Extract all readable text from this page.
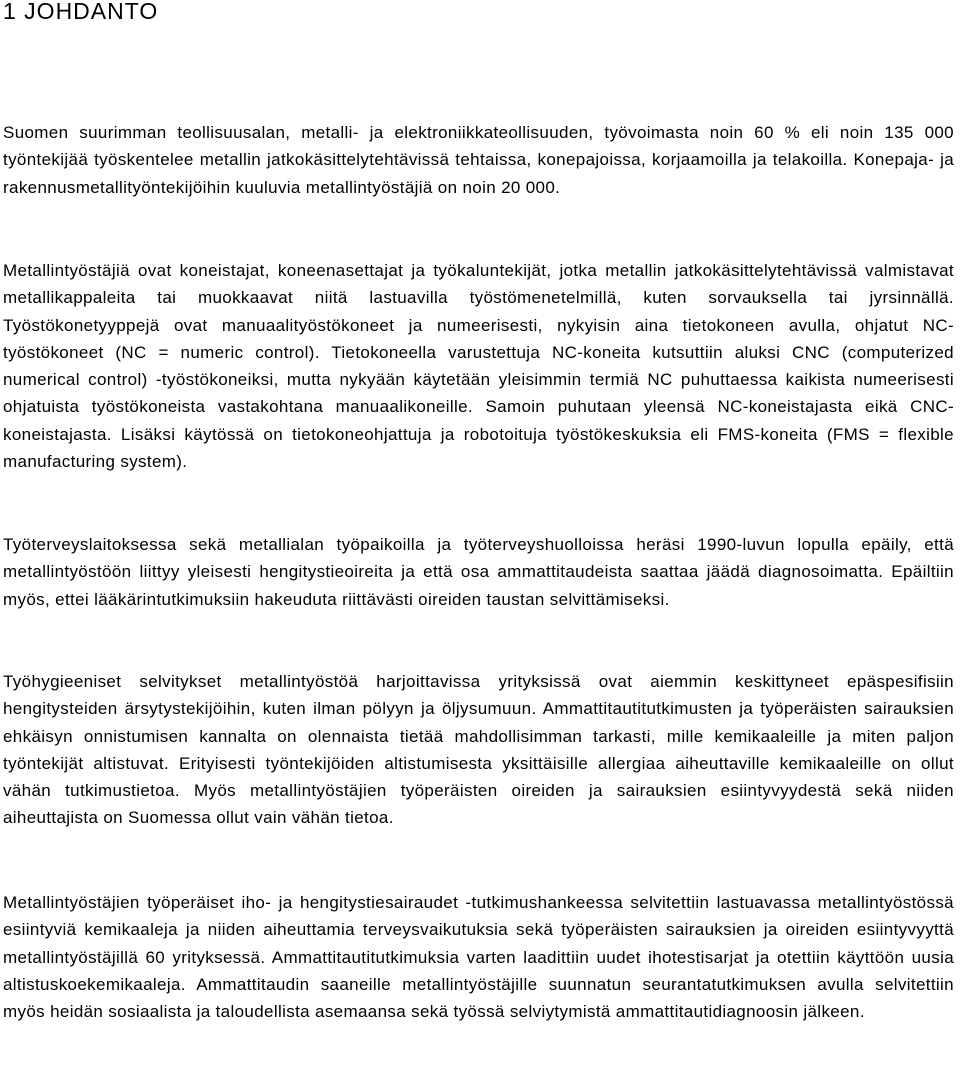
1 JOHDANTO

Suomen suurimman teollisuusalan, metalli- ja elektroniikkateollisuuden, työvoimasta noin 60 % eli noin 135 000 työntekijää työskentelee metallin jatkokäsittelytehtävissä tehtaissa, konepajoissa, korjaamoilla ja telakoilla. Konepaja- ja rakennusmetallityöntekijöihin kuuluvia metallintyöstäjiä on noin 20 000.

Metallintyöstäjiä ovat koneistajat, koneenasettajat ja työkaluntekijät, jotka metallin jatkokäsittelytehtävissä valmistavat metallikappaleita tai muokkaavat niitä lastuavilla työstömenetelmillä, kuten sorvauksella tai jyrsinnällä. Työstökonetyyppejä ovat manuaalityöstökoneet ja numeerisesti, nykyisin aina tietokoneen avulla, ohjatut NC-työstökoneet (NC = numeric control). Tietokoneella varustettuja NC-koneita kutsuttiin aluksi CNC (computerized numerical control) -työstökoneiksi, mutta nykyään käytetään yleisimmin termiä NC puhuttaessa kaikista numeerisesti ohjatuista työstökoneista vastakohtana manuaalikoneille. Samoin puhutaan yleensä NC-koneistajasta eikä CNC-koneistajasta. Lisäksi käytössä on tietokoneohjattuja ja robotoituja työstökeskuksia eli FMS-koneita (FMS = flexible manufacturing system).

Työterveyslaitoksessa sekä metallialan työpaikoilla ja työterveyshuolloissa heräsi 1990-luvun lopulla epäily, että metallintyöstöön liittyy yleisesti hengitystieoireita ja että osa ammattitaudeista saattaa jäädä diagnosoimatta. Epäiltiin myös, ettei lääkärintutkimuksiin hakeuduta riittävästi oireiden taustan selvittämiseksi.

Työhygieeniset selvitykset metallintyöstöä harjoittavissa yrityksissä ovat aiemmin keskittyneet epäspesifisiin hengitysteiden ärsytystekijöihin, kuten ilman pölyyn ja öljysumuun. Ammattitautitutkimusten ja työperäisten sairauksien ehkäisyn onnistumisen kannalta on olennaista tietää mahdollisimman tarkasti, mille kemikaaleille ja miten paljon työntekijät altistuvat. Erityisesti työntekijöiden altistumisesta yksittäisille allergiaa aiheuttaville kemikaaleille on ollut vähän tutkimustietoa. Myös metallintyöstäjien työperäisten oireiden ja sairauksien esiintyvyydestä sekä niiden aiheuttajista on Suomessa ollut vain vähän tietoa.

Metallintyöstäjien työperäiset iho- ja hengitystiesairaudet -tutkimushankeessa selvitettiin lastuavassa metallintyöstössä esiintyviä kemikaaleja ja niiden aiheuttamia terveysvaikutuksia sekä työperäisten sairauksien ja oireiden esiintyvyyttä metallintyöstäjillä 60 yrityksessä. Ammattitautitutkimuksia varten laadittiin uudet ihotestisarjat ja otettiin käyttöön uusia altistuskoekemikaaleja. Ammattitaudin saaneille metallintyöstäjille suunnatun seurantatutkimuksen avulla selvitettiin myös heidän sosiaalista ja taloudellista asemaansa sekä työssä selviytymistä ammattitautidiagnoosin jälkeen.
